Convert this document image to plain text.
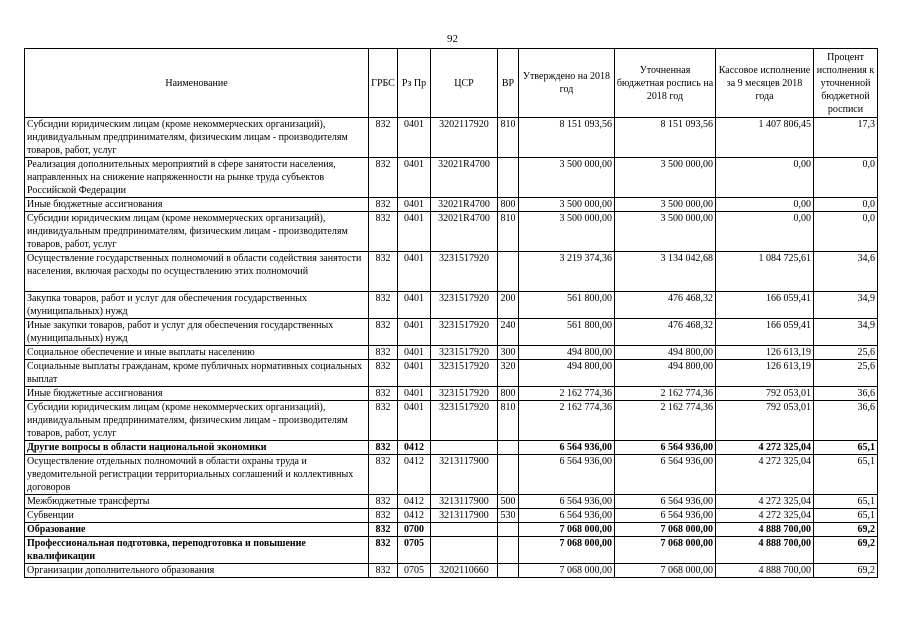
92
Наименование	ГРБС	Рз Пр	ЦСР	ВР	Утверждено на 2018 год	Уточненная бюджетная роспись на 2018 год	Кассовое исполнение за 9 месяцев 2018 года	Процент исполнения к уточненной бюджетной росписи
Субсидии юридическим лицам (кроме некоммерческих организаций), индивидуальным предпринимателям, физическим лицам - производителям товаров, работ, услуг	832	0401	3202117920	810	8 151 093,56	8 151 093,56	1 407 806,45	17,3
Реализация дополнительных мероприятий в сфере занятости населения, направленных на снижение напряженности на рынке труда субъектов Российской Федерации	832	0401	32021R4700		3 500 000,00	3 500 000,00	0,00	0,0
Иные бюджетные ассигнования	832	0401	32021R4700	800	3 500 000,00	3 500 000,00	0,00	0,0
Субсидии юридическим лицам (кроме некоммерческих организаций), индивидуальным предпринимателям, физическим лицам - производителям товаров, работ, услуг	832	0401	32021R4700	810	3 500 000,00	3 500 000,00	0,00	0,0
Осуществление государственных полномочий в области содействия занятости населения, включая расходы по осуществлению этих полномочий	832	0401	3231517920		3 219 374,36	3 134 042,68	1 084 725,61	34,6
Закупка товаров, работ и услуг для обеспечения государственных (муниципальных) нужд	832	0401	3231517920	200	561 800,00	476 468,32	166 059,41	34,9
Иные закупки товаров, работ и услуг для обеспечения государственных (муниципальных) нужд	832	0401	3231517920	240	561 800,00	476 468,32	166 059,41	34,9
Социальное обеспечение и иные выплаты населению	832	0401	3231517920	300	494 800,00	494 800,00	126 613,19	25,6
Социальные выплаты гражданам, кроме публичных нормативных социальных выплат	832	0401	3231517920	320	494 800,00	494 800,00	126 613,19	25,6
Иные бюджетные ассигнования	832	0401	3231517920	800	2 162 774,36	2 162 774,36	792 053,01	36,6
Субсидии юридическим лицам (кроме некоммерческих организаций), индивидуальным предпринимателям, физическим лицам - производителям товаров, работ, услуг	832	0401	3231517920	810	2 162 774,36	2 162 774,36	792 053,01	36,6
Другие вопросы в области национальной экономики	832	0412			6 564 936,00	6 564 936,00	4 272 325,04	65,1
Осуществление отдельных полномочий в области охраны труда и уведомительной регистрации территориальных соглашений и коллективных договоров	832	0412	3213117900		6 564 936,00	6 564 936,00	4 272 325,04	65,1
Межбюджетные трансферты	832	0412	3213117900	500	6 564 936,00	6 564 936,00	4 272 325,04	65,1
Субвенции	832	0412	3213117900	530	6 564 936,00	6 564 936,00	4 272 325,04	65,1
Образование	832	0700			7 068 000,00	7 068 000,00	4 888 700,00	69,2
Профессиональная подготовка, переподготовка и повышение квалификации	832	0705			7 068 000,00	7 068 000,00	4 888 700,00	69,2
Организации дополнительного образования	832	0705	3202110660		7 068 000,00	7 068 000,00	4 888 700,00	69,2
